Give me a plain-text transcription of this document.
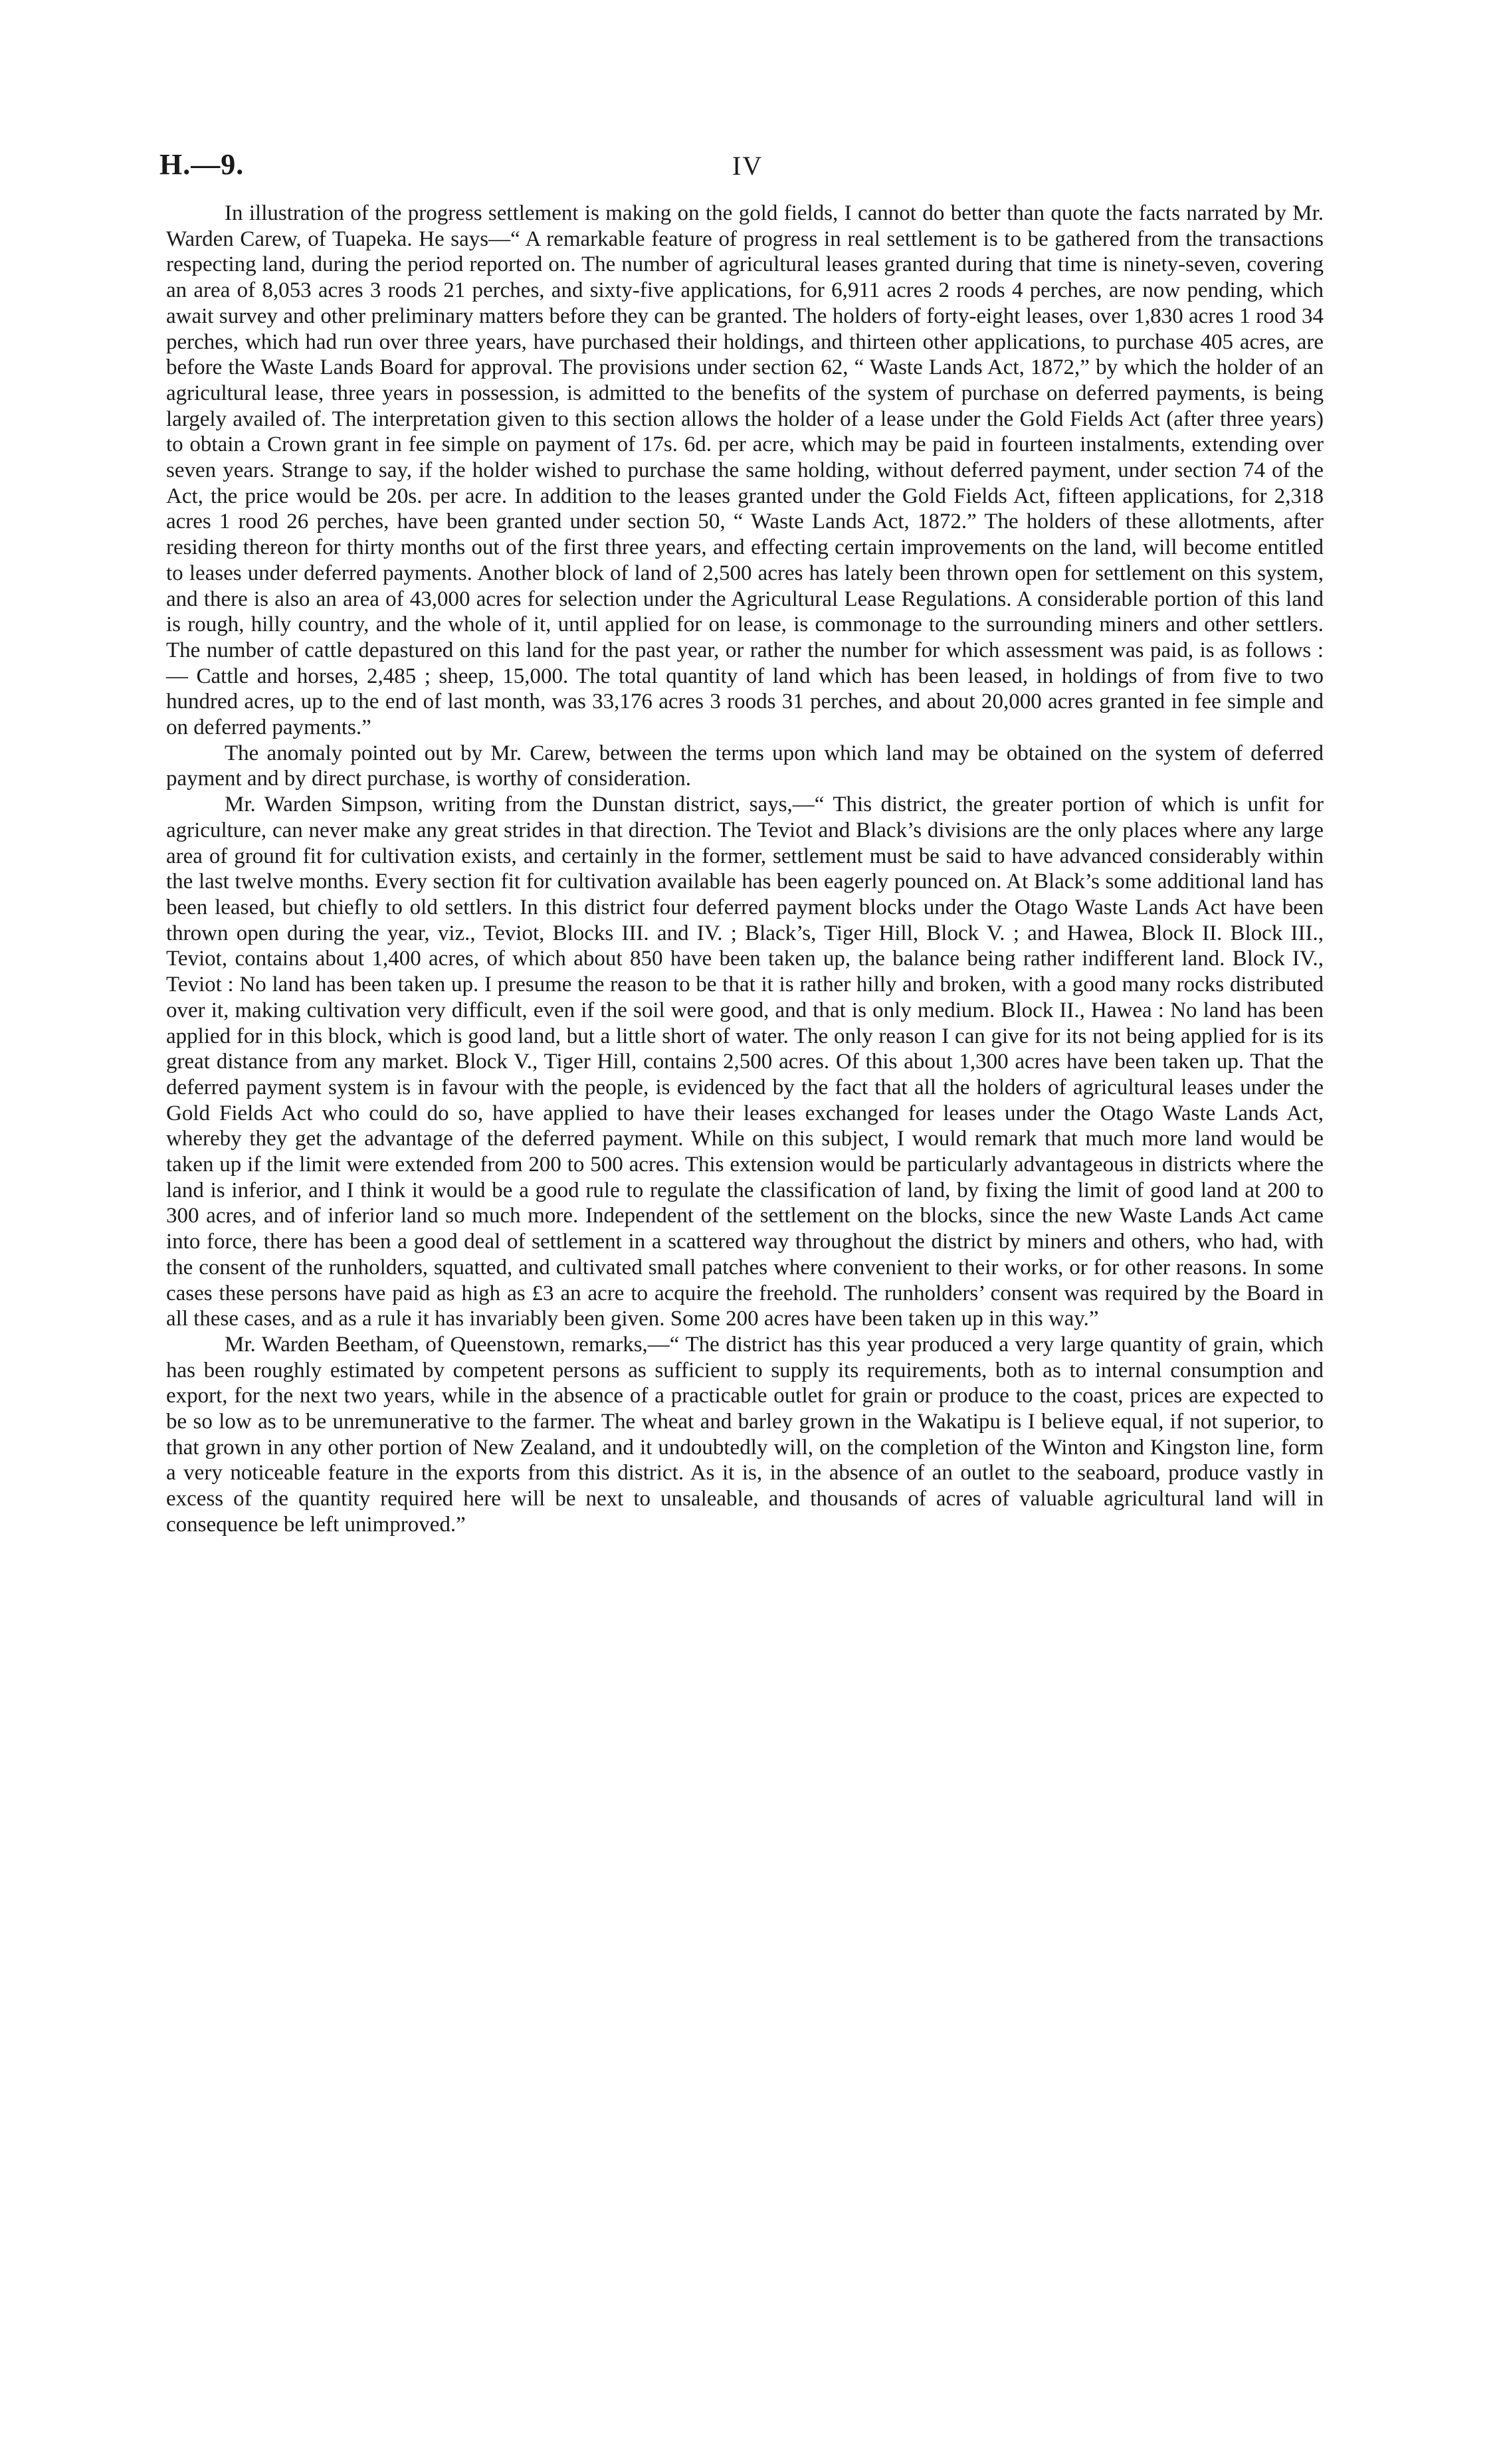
H.—9.	IV

In illustration of the progress settlement is making on the gold fields, I cannot do better than quote the facts narrated by Mr. Warden Carew, of Tuapeka. He says—“ A remarkable feature of progress in real settlement is to be gathered from the transactions respecting land, during the period reported on. The number of agricultural leases granted during that time is ninety-seven, covering an area of 8,053 acres 3 roods 21 perches, and sixty-five applications, for 6,911 acres 2 roods 4 perches, are now pending, which await survey and other preliminary matters before they can be granted. The holders of forty-eight leases, over 1,830 acres 1 rood 34 perches, which had run over three years, have purchased their holdings, and thirteen other applications, to purchase 405 acres, are before the Waste Lands Board for approval. The provisions under section 62, “ Waste Lands Act, 1872,” by which the holder of an agricultural lease, three years in possession, is admitted to the benefits of the system of purchase on deferred payments, is being largely availed of. The interpretation given to this section allows the holder of a lease under the Gold Fields Act (after three years) to obtain a Crown grant in fee simple on payment of 17s. 6d. per acre, which may be paid in fourteen instalments, extending over seven years. Strange to say, if the holder wished to purchase the same holding, without deferred payment, under section 74 of the Act, the price would be 20s. per acre. In addition to the leases granted under the Gold Fields Act, fifteen applications, for 2,318 acres 1 rood 26 perches, have been granted under section 50, “ Waste Lands Act, 1872.” The holders of these allotments, after residing thereon for thirty months out of the first three years, and effecting certain improvements on the land, will become entitled to leases under deferred payments. Another block of land of 2,500 acres has lately been thrown open for settlement on this system, and there is also an area of 43,000 acres for selection under the Agricultural Lease Regulations. A considerable portion of this land is rough, hilly country, and the whole of it, until applied for on lease, is commonage to the surrounding miners and other settlers. The number of cattle depastured on this land for the past year, or rather the number for which assessment was paid, is as follows :— Cattle and horses, 2,485 ; sheep, 15,000. The total quantity of land which has been leased, in holdings of from five to two hundred acres, up to the end of last month, was 33,176 acres 3 roods 31 perches, and about 20,000 acres granted in fee simple and on deferred payments.”

The anomaly pointed out by Mr. Carew, between the terms upon which land may be obtained on the system of deferred payment and by direct purchase, is worthy of consideration.

Mr. Warden Simpson, writing from the Dunstan district, says,—“ This district, the greater portion of which is unfit for agriculture, can never make any great strides in that direction. The Teviot and Black’s divisions are the only places where any large area of ground fit for cultivation exists, and certainly in the former, settlement must be said to have advanced considerably within the last twelve months. Every section fit for cultivation available has been eagerly pounced on. At Black’s some additional land has been leased, but chiefly to old settlers. In this district four deferred payment blocks under the Otago Waste Lands Act have been thrown open during the year, viz., Teviot, Blocks III. and IV. ; Black’s, Tiger Hill, Block V. ; and Hawea, Block II. Block III., Teviot, contains about 1,400 acres, of which about 850 have been taken up, the balance being rather indifferent land. Block IV., Teviot : No land has been taken up. I presume the reason to be that it is rather hilly and broken, with a good many rocks distributed over it, making cultivation very difficult, even if the soil were good, and that is only medium. Block II., Hawea : No land has been applied for in this block, which is good land, but a little short of water. The only reason I can give for its not being applied for is its great distance from any market. Block V., Tiger Hill, contains 2,500 acres. Of this about 1,300 acres have been taken up. That the deferred payment system is in favour with the people, is evidenced by the fact that all the holders of agricultural leases under the Gold Fields Act who could do so, have applied to have their leases exchanged for leases under the Otago Waste Lands Act, whereby they get the advantage of the deferred payment. While on this subject, I would remark that much more land would be taken up if the limit were extended from 200 to 500 acres. This extension would be particularly advantageous in districts where the land is inferior, and I think it would be a good rule to regulate the classification of land, by fixing the limit of good land at 200 to 300 acres, and of inferior land so much more. Independent of the settlement on the blocks, since the new Waste Lands Act came into force, there has been a good deal of settlement in a scattered way throughout the district by miners and others, who had, with the consent of the runholders, squatted, and cultivated small patches where convenient to their works, or for other reasons. In some cases these persons have paid as high as £3 an acre to acquire the freehold. The runholders’ consent was required by the Board in all these cases, and as a rule it has invariably been given. Some 200 acres have been taken up in this way.”

Mr. Warden Beetham, of Queenstown, remarks,—“ The district has this year produced a very large quantity of grain, which has been roughly estimated by competent persons as sufficient to supply its requirements, both as to internal consumption and export, for the next two years, while in the absence of a practicable outlet for grain or produce to the coast, prices are expected to be so low as to be unremunerative to the farmer. The wheat and barley grown in the Wakatipu is I believe equal, if not superior, to that grown in any other portion of New Zealand, and it undoubtedly will, on the completion of the Winton and Kingston line, form a very noticeable feature in the exports from this district. As it is, in the absence of an outlet to the seaboard, produce vastly in excess of the quantity required here will be next to unsaleable, and thousands of acres of valuable agricultural land will in consequence be left unimproved.”
